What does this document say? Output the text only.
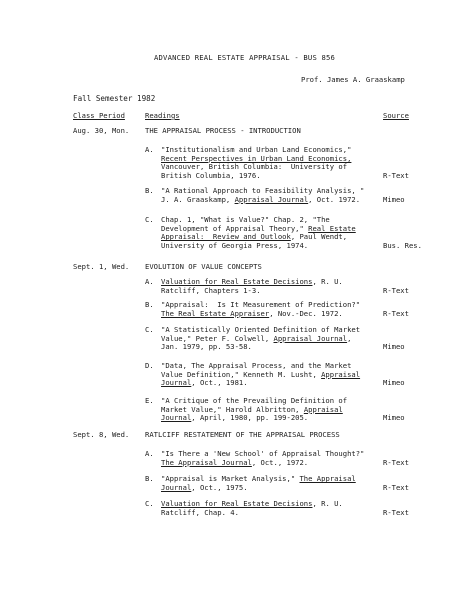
ADVANCED REAL ESTATE APPRAISAL - BUS 856
Prof. James A. Graaskamp
Fall Semester 1982
Class Period	Readings	Source
Aug. 30, Mon. THE APPRAISAL PROCESS - INTRODUCTION
A. "Institutionalism and Urban Land Economics,"
Recent Perspectives in Urban Land Economics,
Vancouver, British Columbia:  University of
British Columbia, 1976.	R-Text
B. "A Rational Approach to Feasibility Analysis, "
J. A. Graaskamp, Appraisal Journal, Oct. 1972.	Mimeo
C. Chap. 1, "What is Value?" Chap. 2, "The
Development of Appraisal Theory," Real Estate
Appraisal:  Review and Outlook, Paul Wendt,
University of Georgia Press, 1974.	Bus. Res.
Sept. 1, Wed. EVOLUTION OF VALUE CONCEPTS
A. Valuation for Real Estate Decisions, R. U.
Ratcliff, Chapters 1-3.	R-Text
B. "Appraisal:  Is It Measurement of Prediction?"
The Real Estate Appraiser, Nov.-Dec. 1972.	R-Text
C. "A Statistically Oriented Definition of Market
Value," Peter F. Colwell, Appraisal Journal,
Jan. 1979, pp. 53-58.	Mimeo
D. "Data, The Appraisal Process, and the Market
Value Definition," Kenneth M. Lusht, Appraisal
Journal, Oct., 1981.	Mimeo
E. "A Critique of the Prevailing Definition of
Market Value," Harold Albritton, Appraisal
Journal, April, 1980, pp. 199-205.	Mimeo
Sept. 8, Wed. RATLCIFF RESTATEMENT OF THE APPRAISAL PROCESS
A. "Is There a 'New School' of Appraisal Thought?"
The Appraisal Journal, Oct., 1972.	R-Text
B. "Appraisal is Market Analysis," The Appraisal
Journal, Oct., 1975.	R-Text
C. Valuation for Real Estate Decisions, R. U.
Ratcliff, Chap. 4.	R-Text
